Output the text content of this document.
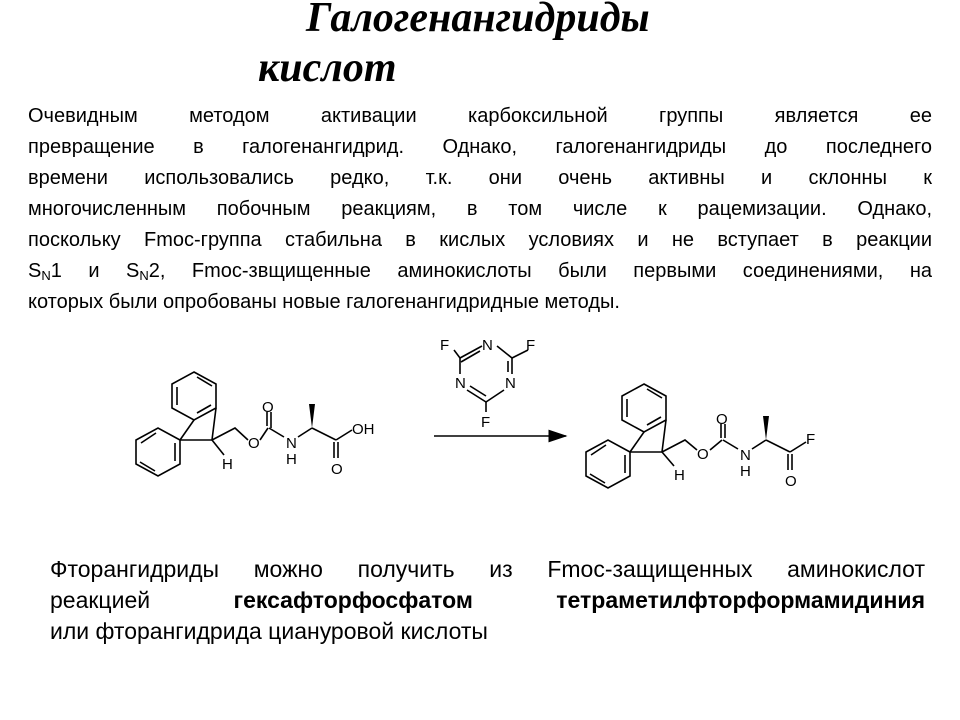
Галогенангидриды
кислот
Очевидным методом активации карбоксильной группы является ее
превращение в галогенангидрид. Однако, галогенангидриды до последнего
времени использовались редко, т.к. они очень активны и склонны к
многочисленным побочным реакциям, в том числе к рацемизации. Однако,
поскольку Fmoc-группа стабильна в кислых условиях и не вступает в реакции
$S_N1$ и $S_N2$, Fmoc-звщищенные аминокислоты были первыми соединениями, на
которых были опробованы новые галогенангидридные методы.
O
O N
H
H
OH
O
F N F
N	N
F	O
O N
H
H
F
O
Фторангидриды можно получить из Fmoc-защищенных аминокислот
реакцией	гексафторфосфатом тетраметилфторформамидиния
или фторангидрида циануровой кислоты
